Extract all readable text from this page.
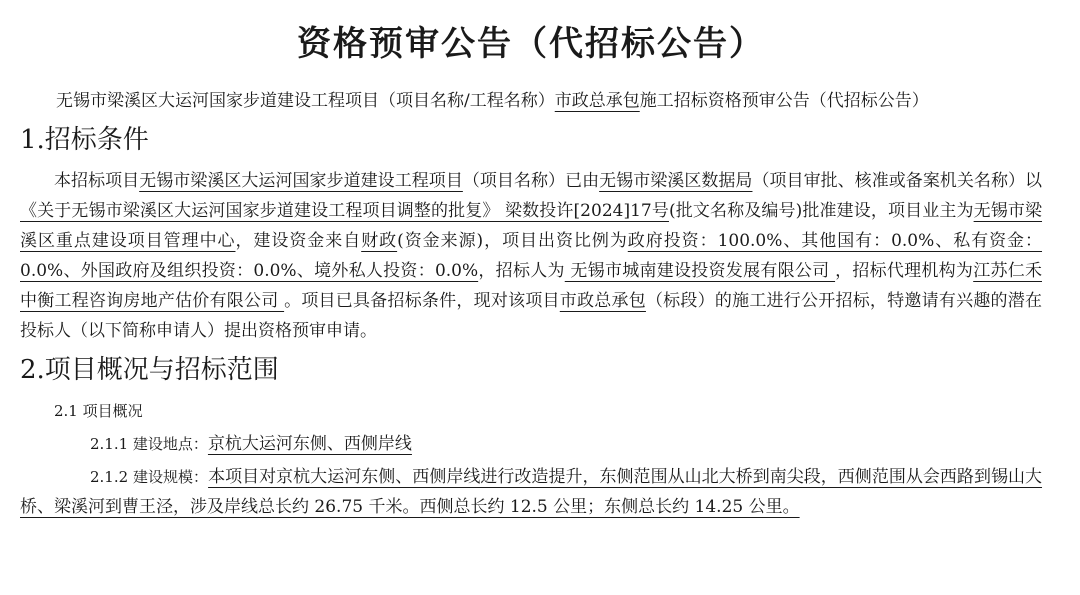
资格预审公告（代招标公告）
无锡市梁溪区大运河国家步道建设工程项目（项目名称/工程名称）市政总承包施工招标资格预审公告（代招标公告）
1.招标条件

本招标项目无锡市梁溪区大运河国家步道建设工程项目（项目名称）已由无锡市梁溪区数据局（项目审批、核准或备案机关名称）以《关于无锡市梁溪区大运河国家步道建设工程项目调整的批复》 梁数投许[2024]17号(批文名称及编号)批准建设，项目业主为无锡市梁溪区重点建设项目管理中心，建设资金来自财政(资金来源)，项目出资比例为政府投资：100.0%、其他国有：0.0%、私有资金：0.0%、外国政府及组织投资：0.0%、境外私人投资：0.0%，招标人为 无锡市城南建设投资发展有限公司 ，招标代理机构为江苏仁禾中衡工程咨询房地产估价有限公司 。项目已具备招标条件，现对该项目市政总承包（标段）的施工进行公开招标，特邀请有兴趣的潜在投标人（以下简称申请人）提出资格预审申请。

2.项目概况与招标范围
2.1 项目概况
2.1.1 建设地点：京杭大运河东侧、西侧岸线
2.1.2 建设规模：本项目对京杭大运河东侧、西侧岸线进行改造提升，东侧范围从山北大桥到南尖段，西侧范围从会西路到锡山大桥、梁溪河到曹王泾，涉及岸线总长约 26.75 千米。西侧总长约 12.5 公里；东侧总长约 14.25 公里。
